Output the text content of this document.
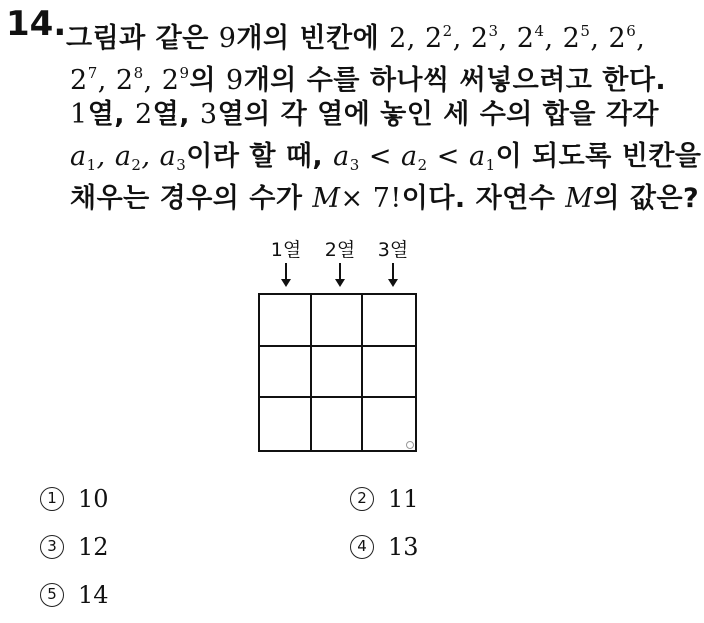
14. 그림과 같은 9개의 빈칸에 2, $2^2$, $2^3$, $2^4$, $2^5$, $2^6$,
$2^7$, $2^8$, $2^9$의 9개의 수를 하나씩 써넣으려고 한다.
1열, 2열, 3열의 각 열에 놓인 세 수의 합을 각각
$a_1$, $a_2$, $a_3$이라 할 때, $a_3 < a_2 < a_1$이 되도록 빈칸을
채우는 경우의 수가 M× 7!이다. 자연수 M의 값은?
1열	2열	3열
1 10	2 11
3 12	4 13
5 14
